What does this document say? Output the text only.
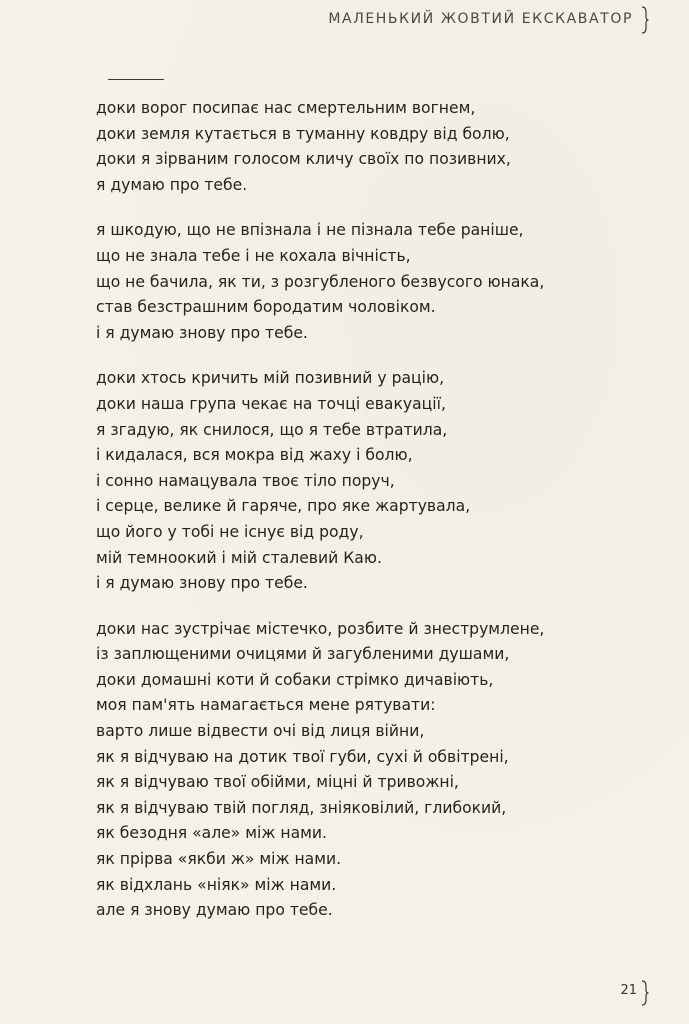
МАЛЕНЬКИЙ ЖОВТИЙ ЕКСКАВАТОР
доки ворог посипає нас смертельним вогнем,
доки земля кутається в туманну ковдру від болю,
доки я зірваним голосом кличу своїх по позивних,
я думаю про тебе.
я шкодую, що не впізнала і не пізнала тебе раніше,
що не знала тебе і не кохала вічність,
що не бачила, як ти, з розгубленого безвусого юнака,
став безстрашним бородатим чоловіком.
і я думаю знову про тебе.
доки хтось кричить мій позивний у рацію,
доки наша група чекає на точці евакуації,
я згадую, як снилося, що я тебе втратила,
і кидалася, вся мокра від жаху і болю,
і сонно намацувала твоє тіло поруч,
і серце, велике й гаряче, про яке жартувала,
що його у тобі не існує від роду,
мій темноокий і мій сталевий Каю.
і я думаю знову про тебе.
доки нас зустрічає містечко, розбите й знеструмлене,
із заплющеними очицями й загубленими душами,
доки домашні коти й собаки стрімко дичавіють,
моя пам'ять намагається мене рятувати:
варто лише відвести очі від лиця війни,
як я відчуваю на дотик твої губи, сухі й обвітрені,
як я відчуваю твої обійми, міцні й тривожні,
як я відчуваю твій погляд, зніяковілий, глибокий,
як безодня «але» між нами.
як прірва «якби ж» між нами.
як відхлань «ніяк» між нами.
але я знову думаю про тебе.
21
